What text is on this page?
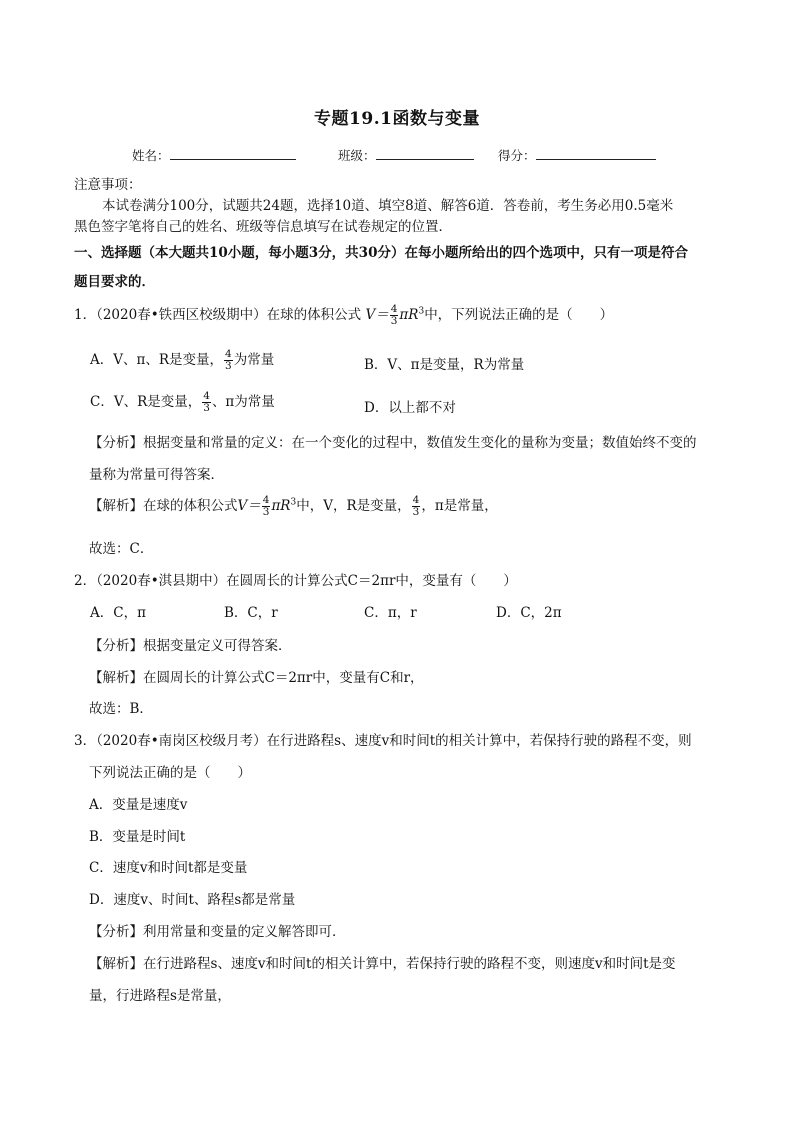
专题19.1函数与变量
姓名：	班级：	得分：
注意事项：
本试卷满分100分，试题共24题，选择10道、填空8道、解答6道．答卷前，考生务必用0.5毫米
黑色签字笔将自己的姓名、班级等信息填写在试卷规定的位置．
一、选择题（本大题共10小题，每小题3分，共30分）在每小题所给出的四个选项中，只有一项是符合
题目要求的．
1．（2020春•铁西区校级期中）在球的体积公式 $V= \frac{4}{3} \pi R^3$中，下列说法正确的是（　　）
A．V、π、R是变量， $\frac{4}{3}$ 为常量	B．V、π是变量，R为常量
C．V、R是变量， $\frac{4}{3}$ 、π为常量	D．以上都不对
【分析】根据变量和常量的定义：在一个变化的过程中，数值发生变化的量称为变量；数值始终不变的
量称为常量可得答案．
【解析】在球的体积公式$V= \frac{4}{3} \pi R^3$中，V，R是变量， $\frac{4}{3}$ ，π是常量，
故选：C．
2．（2020春•淇县期中）在圆周长的计算公式C＝2πr中，变量有（　　）
A．C，π	B．C，r	C．π，r	D．C，2π
【分析】根据变量定义可得答案．
【解析】在圆周长的计算公式C＝2πr中，变量有C和r，
故选：B．
3．（2020春•南岗区校级月考）在行进路程s、速度v和时间t的相关计算中，若保持行驶的路程不变，则
下列说法正确的是（　　）
A．变量是速度v
B．变量是时间t
C．速度v和时间t都是变量
D．速度v、时间t、路程s都是常量
【分析】利用常量和变量的定义解答即可．
【解析】在行进路程s、速度v和时间t的相关计算中，若保持行驶的路程不变，则速度v和时间t是变
量，行进路程s是常量，
